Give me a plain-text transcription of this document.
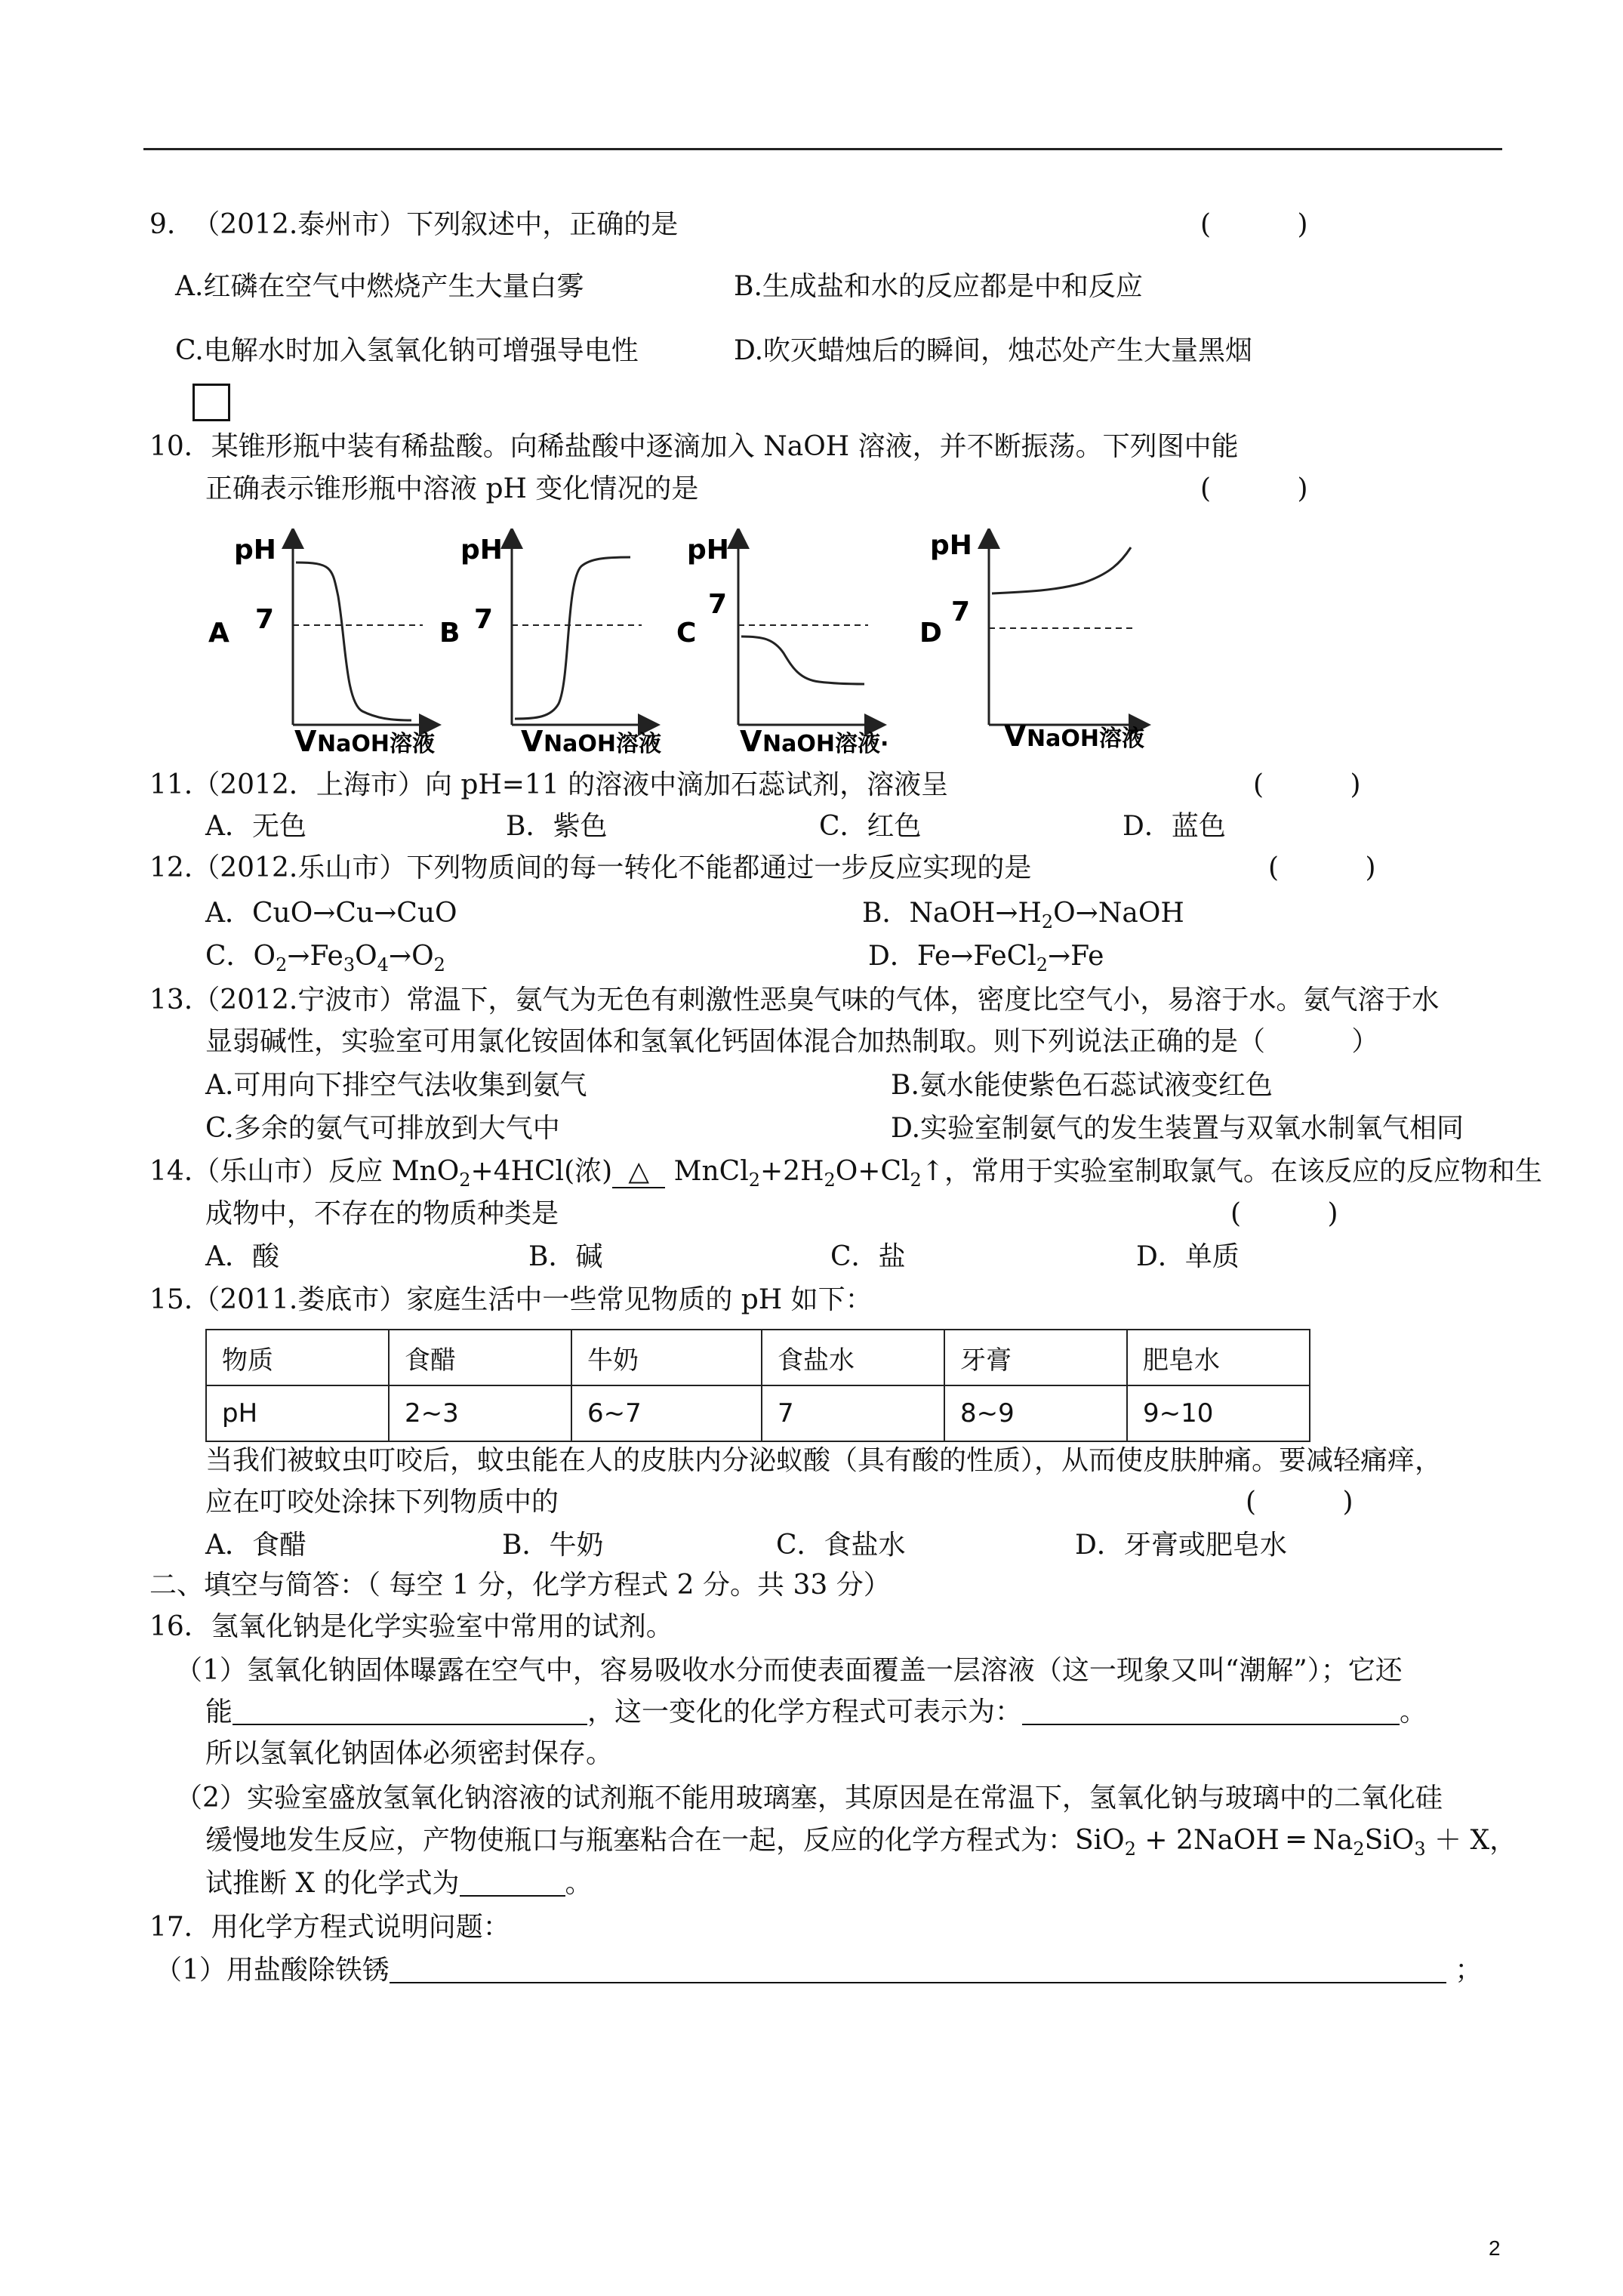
9.  （2012.泰州市）下列叙述中，正确的是	(          )
A.红磷在空气中燃烧产生大量白雾	B.生成盐和水的反应都是中和反应
C.电解水时加入氢氧化钠可增强导电性	D.吹灭蜡烛后的瞬间，烛芯处产生大量黑烟
10．某锥形瓶中装有稀盐酸。向稀盐酸中逐滴加入 NaOH 溶液，并不断振荡。下列图中能
正确表示锥形瓶中溶液 pH 变化情况的是	(          )
pH
7
A
V NaOH溶液
pH
7
B
V NaOH溶液
pH
7
C
V NaOH溶液·
pH
7
D
V NaOH溶液
11.（2012．上海市）向 pH=11 的溶液中滴加石蕊试剂，溶液呈	(          )
A．无色	B．紫色	C．红色	D．蓝色
12.（2012.乐山市）下列物质间的每一转化不能都通过一步反应实现的是	(          )
A．CuO→Cu→CuO	B．$NaOH\to H_2O\to NaOH$
C．$O_2\to Fe_3O_4\to O_2$	D．Fe→FeCl$_2$→Fe
13.（2012.宁波市）常温下，氨气为无色有刺激性恶臭气味的气体，密度比空气小，易溶于水。氨气溶于水
显弱碱性，实验室可用氯化铵固体和氢氧化钙固体混合加热制取。则下列说法正确的是（          ）
A.可用向下排空气法收集到氨气	B.氨水能使紫色石蕊试液变红色
C.多余的氨气可排放到大气中	D.实验室制氨气的发生装置与双氧水制氧气相同
14.（乐山市）反应 MnO$_2$+4HCl(浓) △ $MnCl_2+2H_2O+Cl_2↑$，常用于实验室制取氯气。在该反应的反应物和生
成物中，不存在的物质种类是	(          )
A．酸	B．碱	C．盐	D．单质
15.（2011.娄底市）家庭生活中一些常见物质的 pH 如下：
物质	食醋	牛奶	食盐水	牙膏	肥皂水
pH	2~3	6~7	7	8~9	9~10
当我们被蚊虫叮咬后，蚊虫能在人的皮肤内分泌蚁酸（具有酸的性质），从而使皮肤肿痛。要减轻痛痒，
应在叮咬处涂抹下列物质中的	(          )
A．食醋	B．牛奶	C．食盐水	D．牙膏或肥皂水
二、填空与简答：（ 每空 1 分，化学方程式 2 分。共 33 分）
16．氢氧化钠是化学实验室中常用的试剂。
（1）氢氧化钠固体曝露在空气中，容易吸收水分而使表面覆盖一层溶液（这一现象又叫“潮解”）；它还
能	，这一变化的化学方程式可表示为：	。
所以氢氧化钠固体必须密封保存。
（2）实验室盛放氢氧化钠溶液的试剂瓶不能用玻璃塞，其原因是在常温下，氢氧化钠与玻璃中的二氧化硅
缓慢地发生反应，产物使瓶口与瓶塞粘合在一起，反应的化学方程式为：SiO$_2$ + 2NaOH ═ $Na_2SiO_3 + X$，
试推断 X 的化学式为	。
17．用化学方程式说明问题：
（1）用盐酸除铁锈	；
2
